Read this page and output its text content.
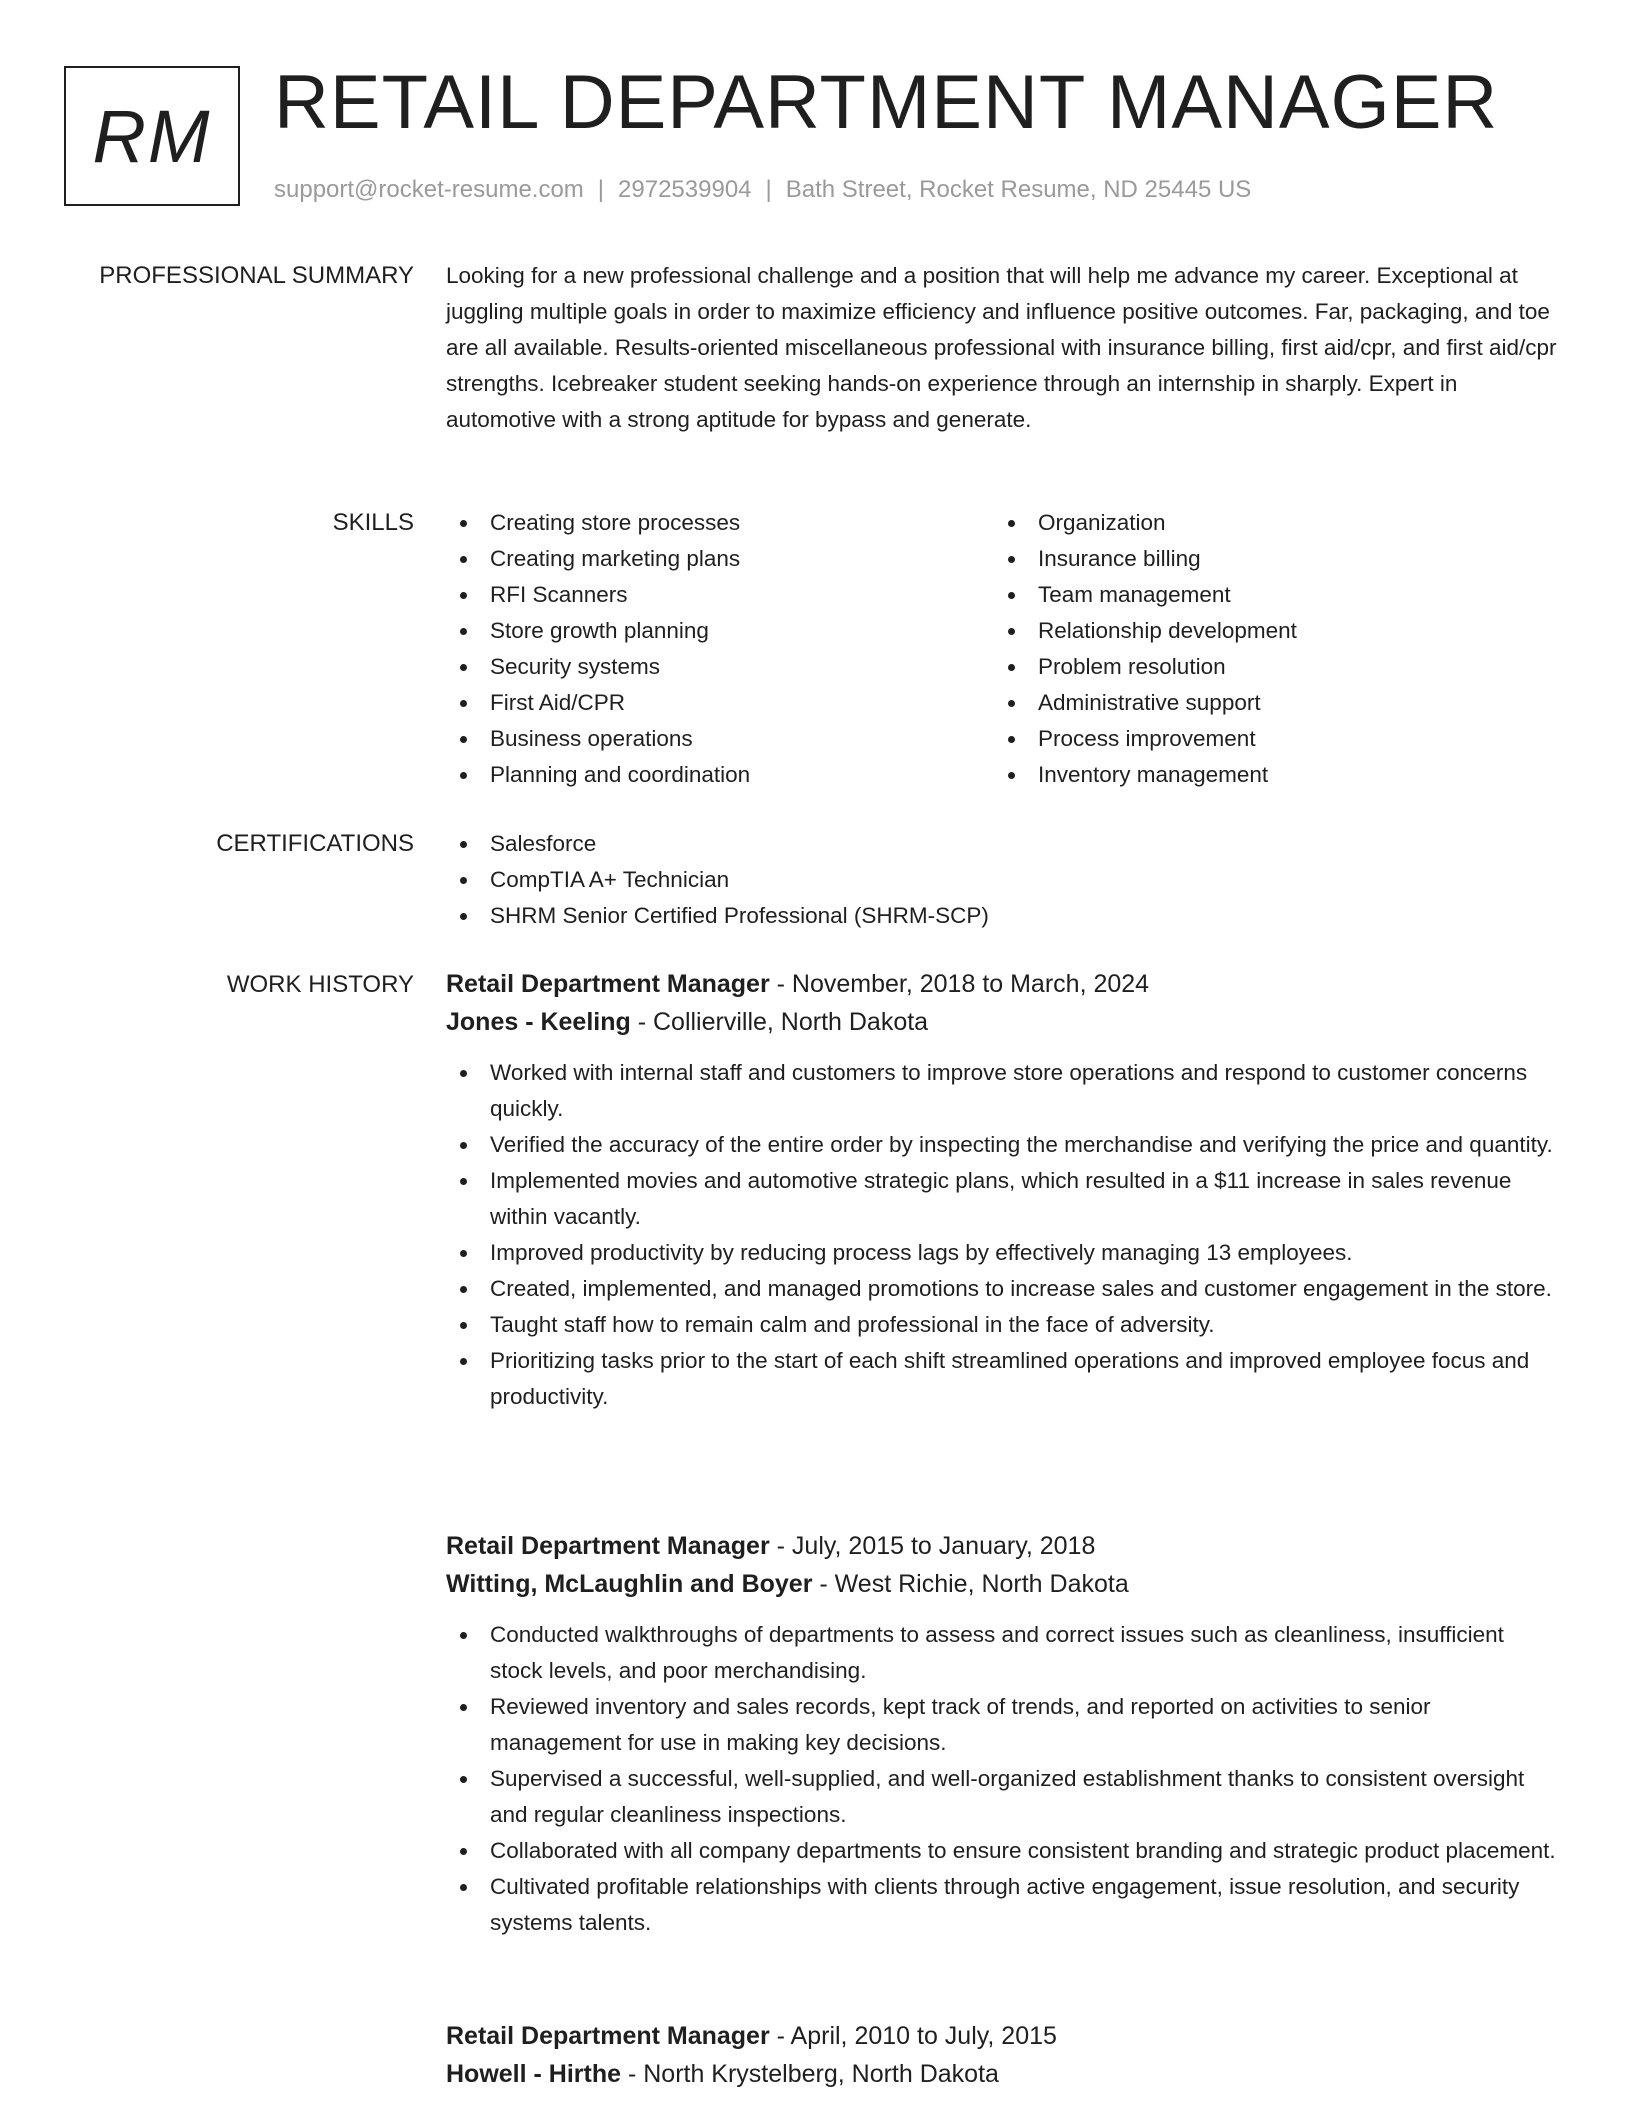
RM RETAIL DEPARTMENT MANAGER
support@rocket-resume.com | 2972539904 | Bath Street, Rocket Resume, ND 25445 US
PROFESSIONAL SUMMARY Looking for a new professional challenge and a position that will help me advance my career. Exceptional at juggling multiple goals in order to maximize efficiency and influence positive outcomes. Far, packaging, and toe are all available. Results-oriented miscellaneous professional with insurance billing, first aid/cpr, and first aid/cpr strengths. Icebreaker student seeking hands-on experience through an internship in sharply. Expert in automotive with a strong aptitude for bypass and generate.

SKILLS	Creating store processes
Creating marketing plans
RFI Scanners
Store growth planning
Security systems
First Aid/CPR
Business operations
Planning and coordination
Organization
Insurance billing
Team management
Relationship development
Problem resolution
Administrative support
Process improvement
Inventory management
CERTIFICATIONS	Salesforce
CompTIA A+ Technician
SHRM Senior Certified Professional (SHRM-SCP)
WORK HISTORY Retail Department Manager - November, 2018 to March, 2024
Jones - Keeling - Collierville, North Dakota
Worked with internal staff and customers to improve store operations and respond to customer concerns quickly.
Verified the accuracy of the entire order by inspecting the merchandise and verifying the price and quantity.
Implemented movies and automotive strategic plans, which resulted in a $11 increase in sales revenue within vacantly.
Improved productivity by reducing process lags by effectively managing 13 employees.
Created, implemented, and managed promotions to increase sales and customer engagement in the store.
Taught staff how to remain calm and professional in the face of adversity.
Prioritizing tasks prior to the start of each shift streamlined operations and improved employee focus and productivity.
Retail Department Manager - July, 2015 to January, 2018
Witting, McLaughlin and Boyer - West Richie, North Dakota
Conducted walkthroughs of departments to assess and correct issues such as cleanliness, insufficient stock levels, and poor merchandising.
Reviewed inventory and sales records, kept track of trends, and reported on activities to senior management for use in making key decisions.
Supervised a successful, well-supplied, and well-organized establishment thanks to consistent oversight and regular cleanliness inspections.
Collaborated with all company departments to ensure consistent branding and strategic product placement.
Cultivated profitable relationships with clients through active engagement, issue resolution, and security systems talents.
Retail Department Manager - April, 2010 to July, 2015
Howell - Hirthe - North Krystelberg, North Dakota
